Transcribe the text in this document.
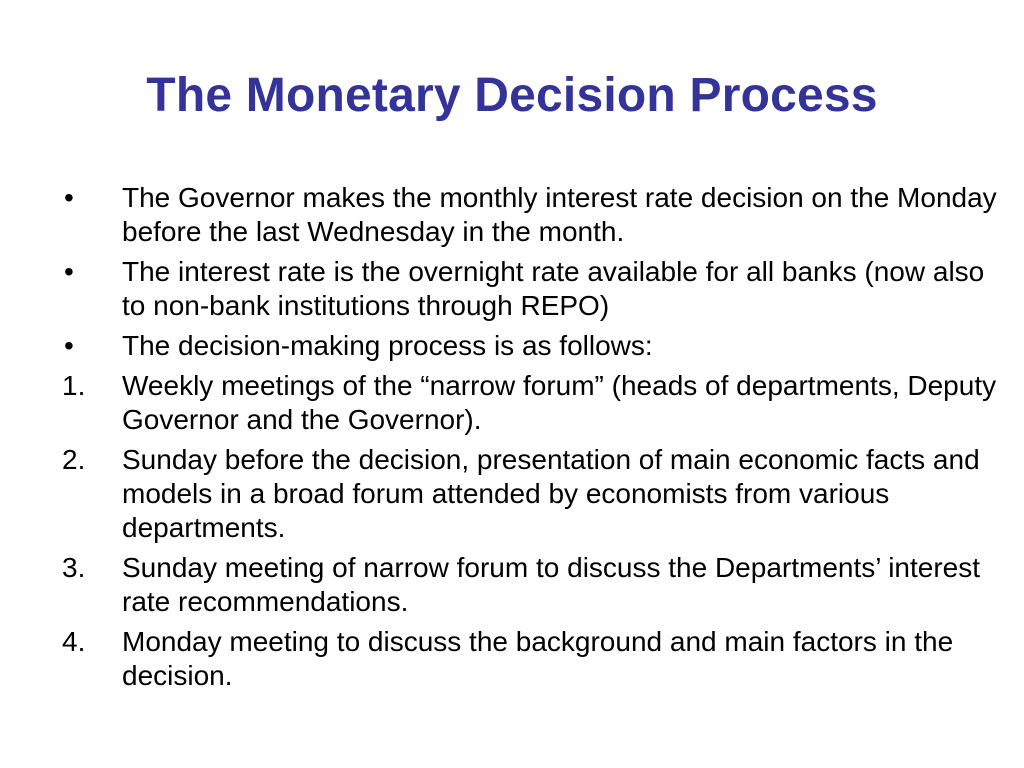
The Monetary Decision Process
•	The Governor makes the monthly interest rate decision on the Monday before the last Wednesday in the month.
•	The interest rate is the overnight rate available for all banks (now also to non-bank institutions through REPO)
•	The decision-making process is as follows:
1.	Weekly meetings of the “narrow forum” (heads of departments, Deputy Governor and the Governor).
2.	Sunday before the decision, presentation of main economic facts and models in a broad forum attended by economists from various departments.
3.	Sunday meeting of narrow forum to discuss the Departments’ interest rate recommendations.
4.	Monday meeting to discuss the background and main factors in the decision.
